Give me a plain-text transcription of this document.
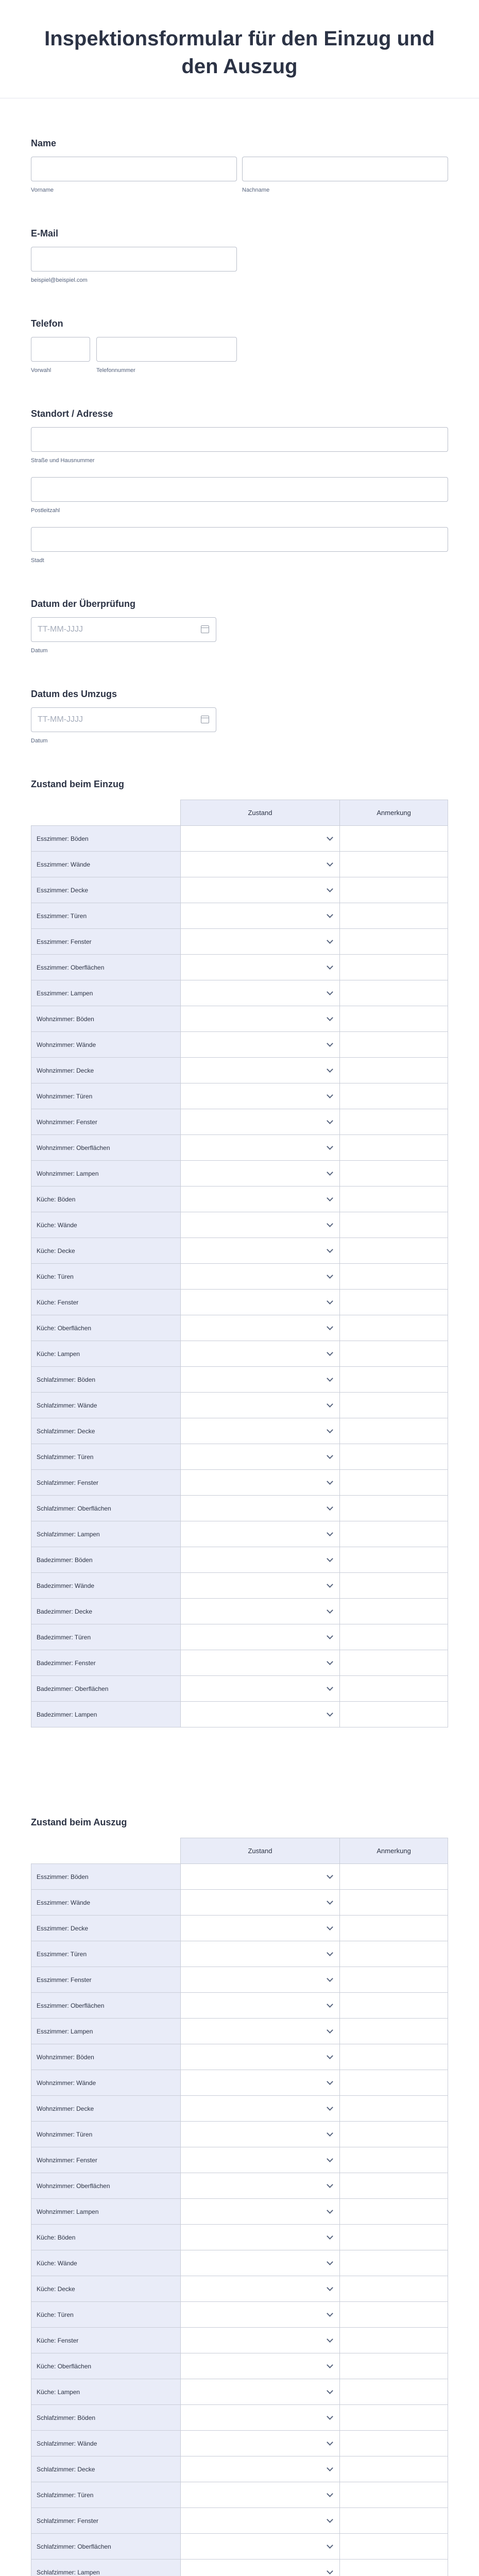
Inspektionsformular für den Einzug und den Auszug
Name
Vorname	Nachname
E-Mail
beispiel@beispiel.com
Telefon
Vorwahl	Telefonnummer
Standort / Adresse
Straße und Hausnummer
Postleitzahl
Stadt
Datum der Überprüfung
TT-MM-JJJJ
Datum
Datum des Umzugs
TT-MM-JJJJ
Datum
Zustand beim Einzug
	Zustand	Anmerkung
Esszimmer: Böden	

Esszimmer: Wände	

Esszimmer: Decke	

Esszimmer: Türen	

Esszimmer: Fenster	

Esszimmer: Oberflächen	

Esszimmer: Lampen	

Wohnzimmer: Böden	

Wohnzimmer: Wände	

Wohnzimmer: Decke	

Wohnzimmer: Türen	

Wohnzimmer: Fenster	

Wohnzimmer: Oberflächen	

Wohnzimmer: Lampen	

Küche: Böden	

Küche: Wände	

Küche: Decke	

Küche: Türen	

Küche: Fenster	

Küche: Oberflächen	

Küche: Lampen	

Schlafzimmer: Böden	

Schlafzimmer: Wände	

Schlafzimmer: Decke	

Schlafzimmer: Türen	

Schlafzimmer: Fenster	

Schlafzimmer: Oberflächen	

Schlafzimmer: Lampen	

Badezimmer: Böden	

Badezimmer: Wände	

Badezimmer: Decke	

Badezimmer: Türen	

Badezimmer: Fenster	

Badezimmer: Oberflächen	

Badezimmer: Lampen	

Zustand beim Auszug
	Zustand	Anmerkung
Esszimmer: Böden	

Esszimmer: Wände	

Esszimmer: Decke	

Esszimmer: Türen	

Esszimmer: Fenster	

Esszimmer: Oberflächen	

Esszimmer: Lampen	

Wohnzimmer: Böden	

Wohnzimmer: Wände	

Wohnzimmer: Decke	

Wohnzimmer: Türen	

Wohnzimmer: Fenster	

Wohnzimmer: Oberflächen	

Wohnzimmer: Lampen	

Küche: Böden	

Küche: Wände	

Küche: Decke	

Küche: Türen	

Küche: Fenster	

Küche: Oberflächen	

Küche: Lampen	

Schlafzimmer: Böden	

Schlafzimmer: Wände	

Schlafzimmer: Decke	

Schlafzimmer: Türen	

Schlafzimmer: Fenster	

Schlafzimmer: Oberflächen	

Schlafzimmer: Lampen	
